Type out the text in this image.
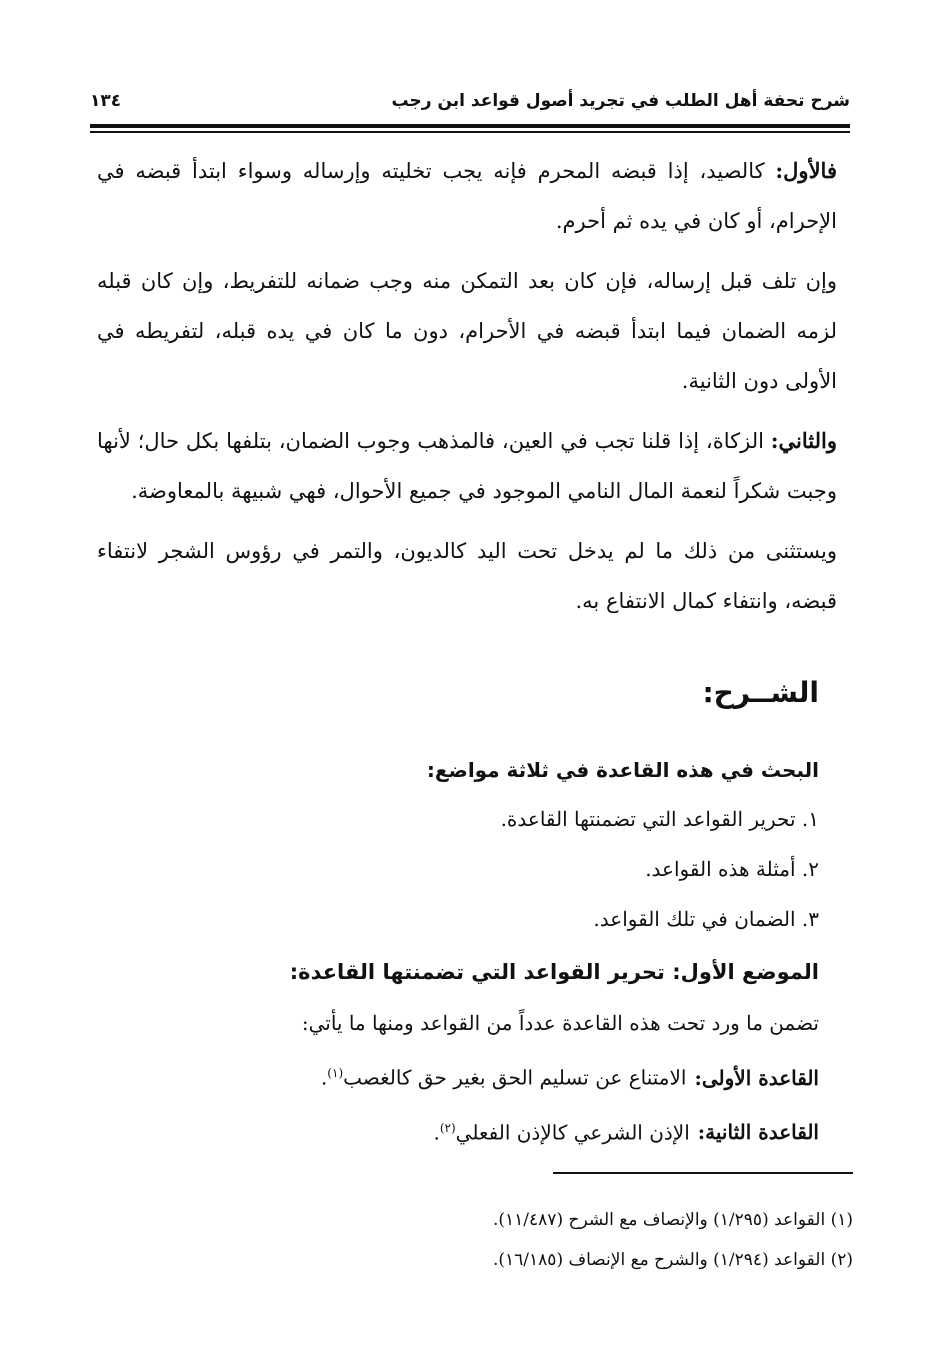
شرح تحفة أهل الطلب في تجريد أصول قواعد ابن رجب
١٣٤

فالأول: كالصيد، إذا قبضه المحرم فإنه يجب تخليته وإرساله وسواء ابتدأ قبضه في الإحرام، أو كان في يده ثم أحرم.

وإن تلف قبل إرساله، فإن كان بعد التمكن منه وجب ضمانه للتفريط، وإن كان قبله لزمه الضمان فيما ابتدأ قبضه في الأحرام، دون ما كان في يده قبله، لتفريطه في الأولى دون الثانية.

والثاني: الزكاة، إذا قلنا تجب في العين، فالمذهب وجوب الضمان، بتلفها بكل حال؛ لأنها وجبت شكراً لنعمة المال النامي الموجود في جميع الأحوال، فهي شبيهة بالمعاوضة.

ويستثنى من ذلك ما لم يدخل تحت اليد كالديون، والتمر في رؤوس الشجر لانتفاء قبضه، وانتفاء كمال الانتفاع به.

الشــرح:
البحث في هذه القاعدة في ثلاثة مواضع:
١. تحرير القواعد التي تضمنتها القاعدة.
٢. أمثلة هذه القواعد.
٣. الضمان في تلك القواعد.
الموضع الأول: تحرير القواعد التي تضمنتها القاعدة:
تضمن ما ورد تحت هذه القاعدة عدداً من القواعد ومنها ما يأتي:
القاعدة الأولى:الامتناع عن تسليم الحق بغير حق كالغصب$^{(١)}$.
القاعدة الثانية:الإذن الشرعي كالإذن الفعلي$^{(٢)}$.
(١) القواعد (١/٢٩٥) والإنصاف مع الشرح (١١/٤٨٧).
(٢) القواعد (١/٢٩٤) والشرح مع الإنصاف (١٦/١٨٥).
